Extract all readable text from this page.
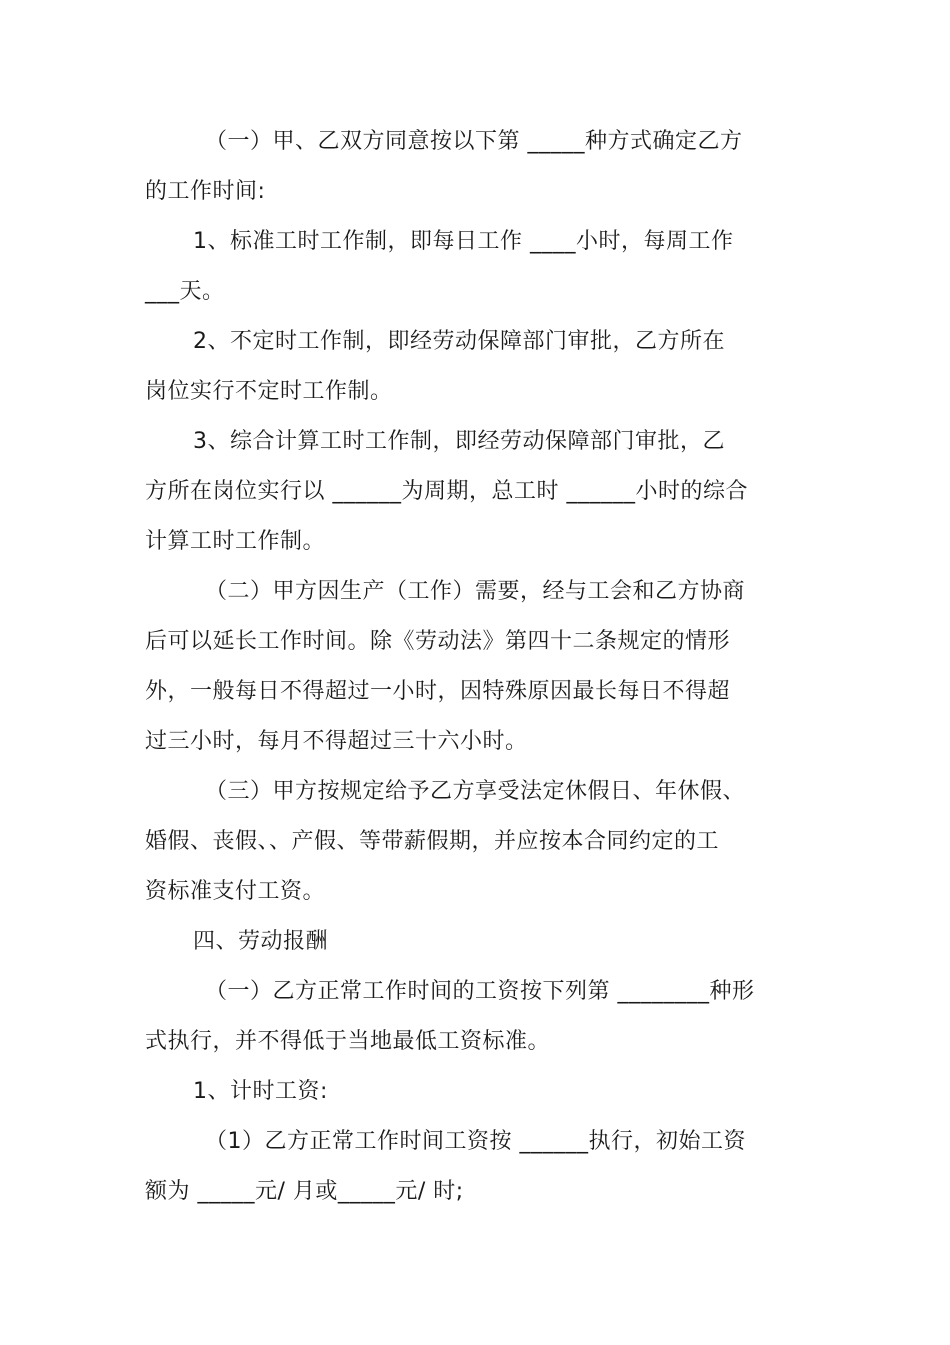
（一）甲、乙双方同意按以下第 _____种方式确定乙方
的工作时间:
1、标准工时工作制，即每日工作 ____小时，每周工作
___天。
2、不定时工作制，即经劳动保障部门审批，乙方所在
岗位实行不定时工作制。
3、综合计算工时工作制，即经劳动保障部门审批，乙
方所在岗位实行以 ______为周期，总工时 ______小时的综合
计算工时工作制。
（二）甲方因生产（工作）需要，经与工会和乙方协商
后可以延长工作时间。除《劳动法》第四十二条规定的情形
外，一般每日不得超过一小时，因特殊原因最长每日不得超
过三小时，每月不得超过三十六小时。
（三）甲方按规定给予乙方享受法定休假日、年休假、
婚假、丧假、、产假、等带薪假期，并应按本合同约定的工
资标准支付工资。
四、劳动报酬
（一）乙方正常工作时间的工资按下列第 ________种形
式执行，并不得低于当地最低工资标准。
1、计时工资:
（1）乙方正常工作时间工资按 ______执行，初始工资
额为 _____元/ 月或_____元/ 时;
